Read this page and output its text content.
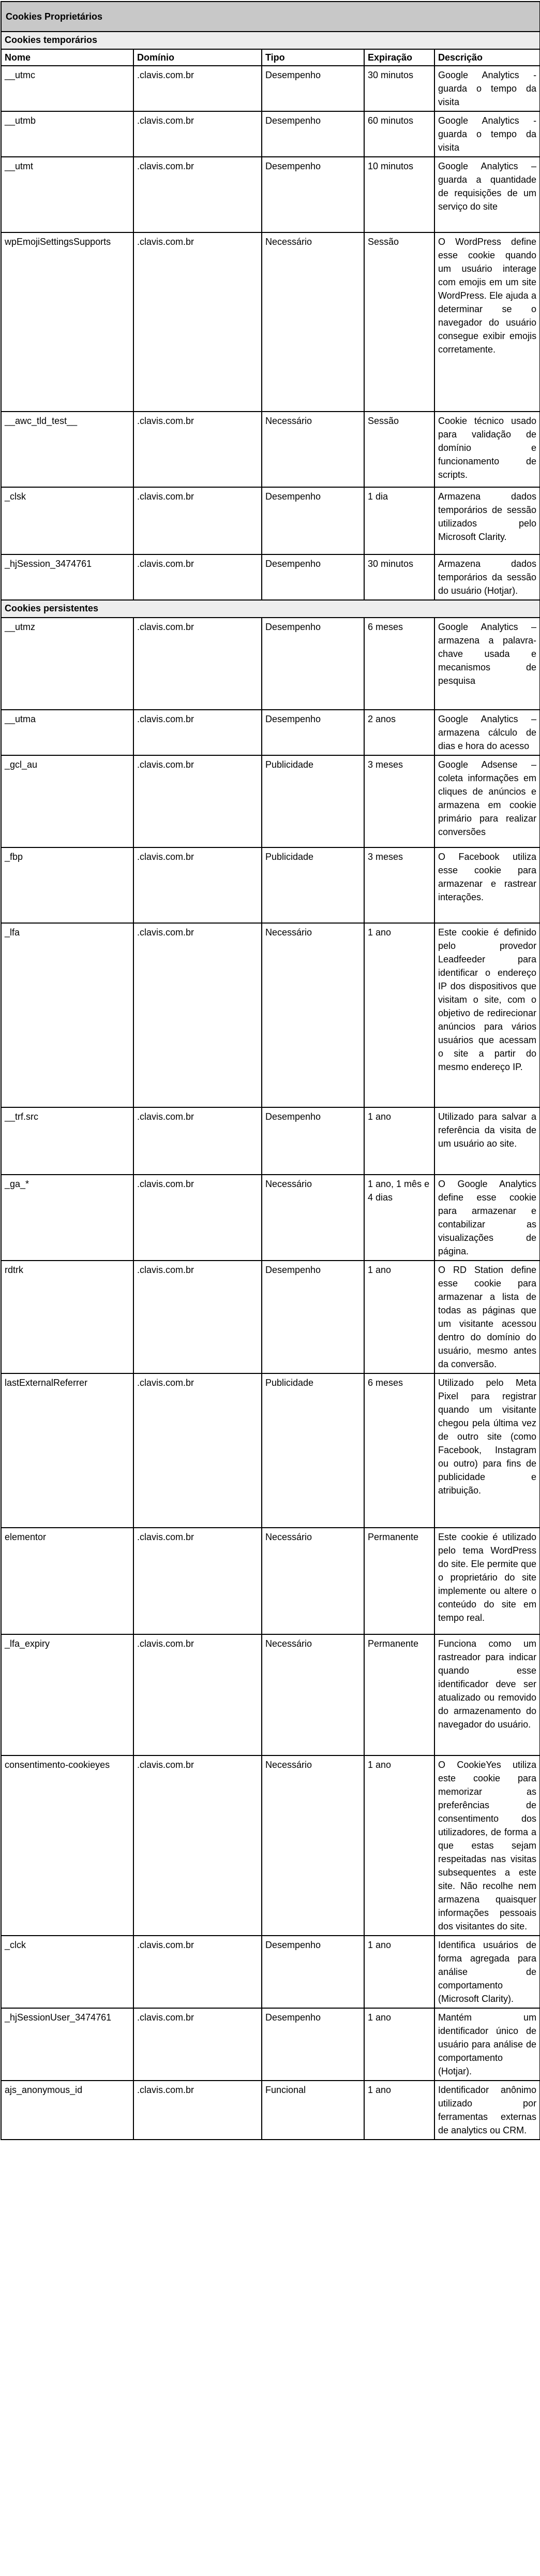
Cookies Proprietários				
Cookies temporários				
Nome	Domínio	Tipo	Expiração	Descrição
__utmc	.clavis.com.br	Desempenho	30 minutos	Google Analytics - guarda o tempo da visita
__utmb	.clavis.com.br	Desempenho	60 minutos	Google Analytics -guarda o tempo da visita
__utmt	.clavis.com.br	Desempenho	10 minutos	Google Analytics – guarda a quantidade de requisições de um serviço do site
wpEmojiSettingsSupports	.clavis.com.br	Necessário	Sessão	O WordPress define esse cookie quando um usuário interage com emojis em um site WordPress. Ele ajuda a determinar se o navegador do usuário consegue exibir emojis corretamente.
__awc_tld_test__	.clavis.com.br	Necessário	Sessão	Cookie técnico usado para validação de domínio e funcionamento de scripts.
_clsk	.clavis.com.br	Desempenho	1 dia	Armazena dados temporários de sessão utilizados pelo Microsoft Clarity.
_hjSession_3474761	.clavis.com.br	Desempenho	30 minutos	Armazena dados temporários da sessão do usuário (Hotjar).
Cookies persistentes				
__utmz	.clavis.com.br	Desempenho	6 meses	Google Analytics – armazena a palavra-chave usada e mecanismos de pesquisa
__utma	.clavis.com.br	Desempenho	2 anos	Google Analytics – armazena cálculo de dias e hora do acesso
_gcl_au	.clavis.com.br	Publicidade	3 meses	Google Adsense – coleta informações em cliques de anúncios e armazena em cookie primário para realizar conversões
_fbp	.clavis.com.br	Publicidade	3 meses	O Facebook utiliza esse cookie para armazenar e rastrear interações.
_lfa	.clavis.com.br	Necessário	1 ano	Este cookie é definido pelo provedor Leadfeeder para identificar o endereço IP dos dispositivos que visitam o site, com o objetivo de redirecionar anúncios para vários usuários que acessam o site a partir do mesmo endereço IP.
__trf.src	.clavis.com.br	Desempenho	1 ano	Utilizado para salvar a referência da visita de um usuário ao site.
_ga_*	.clavis.com.br	Necessário	1 ano, 1 mês e 4 dias	O Google Analytics define esse cookie para armazenar e contabilizar as visualizações de página.
rdtrk	.clavis.com.br	Desempenho	1 ano	O RD Station define esse cookie para armazenar a lista de todas as páginas que um visitante acessou dentro do domínio do usuário, mesmo antes da conversão.
lastExternalReferrer	.clavis.com.br	Publicidade	6 meses	Utilizado pelo Meta Pixel para registrar quando um visitante chegou pela última vez de outro site (como Facebook, Instagram ou outro) para fins de publicidade e atribuição.
elementor	.clavis.com.br	Necessário	Permanente	Este cookie é utilizado pelo tema WordPress do site. Ele permite que o proprietário do site implemente ou altere o conteúdo do site em tempo real.
_lfa_expiry	.clavis.com.br	Necessário	Permanente	Funciona como um rastreador para indicar quando esse identificador deve ser atualizado ou removido do armazenamento do navegador do usuário.
consentimento-cookieyes	.clavis.com.br	Necessário	1 ano	O CookieYes utiliza este cookie para memorizar as preferências de consentimento dos utilizadores, de forma a que estas sejam respeitadas nas visitas subsequentes a este site. Não recolhe nem armazena quaisquer informações pessoais dos visitantes do site.
_clck	.clavis.com.br	Desempenho	1 ano	Identifica usuários de forma agregada para análise de comportamento (Microsoft Clarity).
_hjSessionUser_3474761	.clavis.com.br	Desempenho	1 ano	Mantém um identificador único de usuário para análise de comportamento (Hotjar).
ajs_anonymous_id	.clavis.com.br	Funcional	1 ano	Identificador anônimo utilizado por ferramentas externas de analytics ou CRM.
